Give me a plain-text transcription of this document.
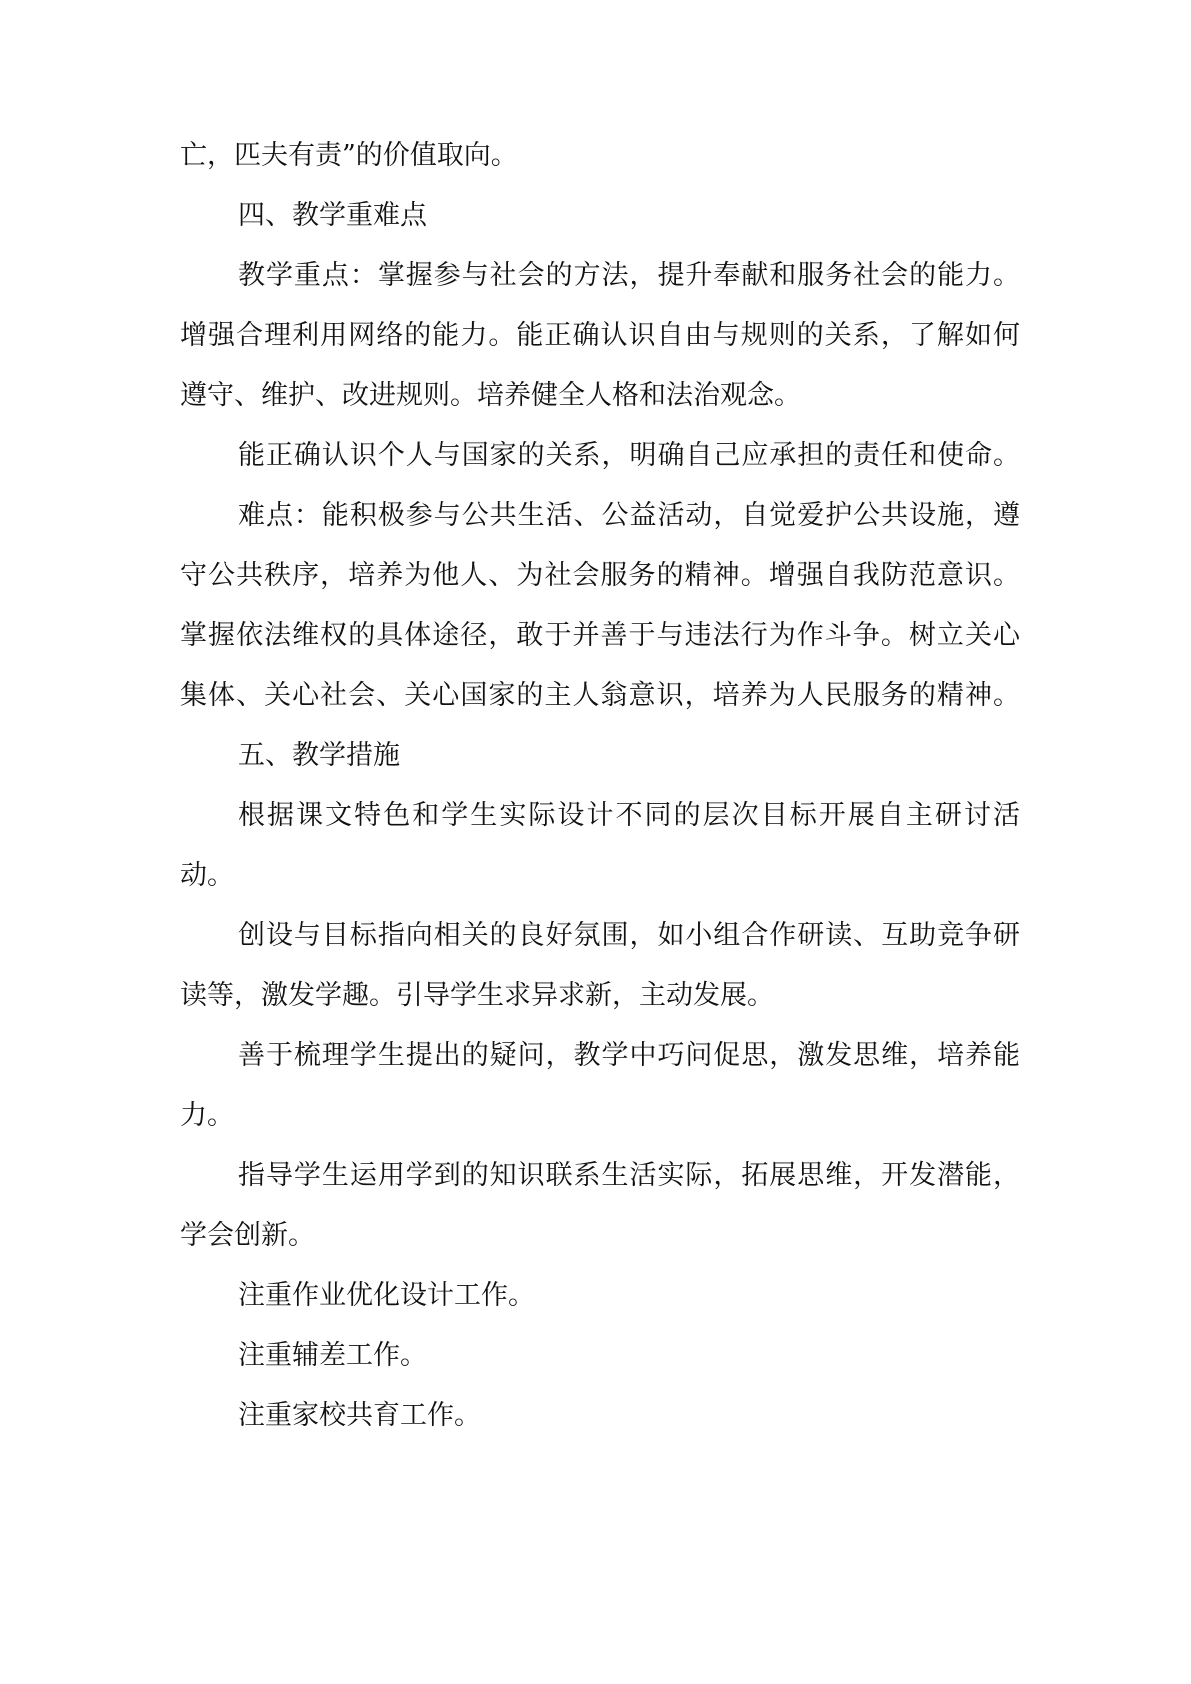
亡，匹夫有责”的价值取向。
四、教学重难点
教学重点：掌握参与社会的方法，提升奉献和服务社会的能力。
增强合理利用网络的能力。能正确认识自由与规则的关系，了解如何
遵守、维护、改进规则。培养健全人格和法治观念。
能正确认识个人与国家的关系，明确自己应承担的责任和使命。
难点：能积极参与公共生活、公益活动，自觉爱护公共设施，遵
守公共秩序，培养为他人、为社会服务的精神。增强自我防范意识。
掌握依法维权的具体途径，敢于并善于与违法行为作斗争。树立关心
集体、关心社会、关心国家的主人翁意识，培养为人民服务的精神。
五、教学措施
根据课文特色和学生实际设计不同的层次目标开展自主研讨活
动。
创设与目标指向相关的良好氛围，如小组合作研读、互助竞争研
读等，激发学趣。引导学生求异求新，主动发展。
善于梳理学生提出的疑问，教学中巧问促思，激发思维，培养能
力。
指导学生运用学到的知识联系生活实际，拓展思维，开发潜能，
学会创新。
注重作业优化设计工作。
注重辅差工作。
注重家校共育工作。
